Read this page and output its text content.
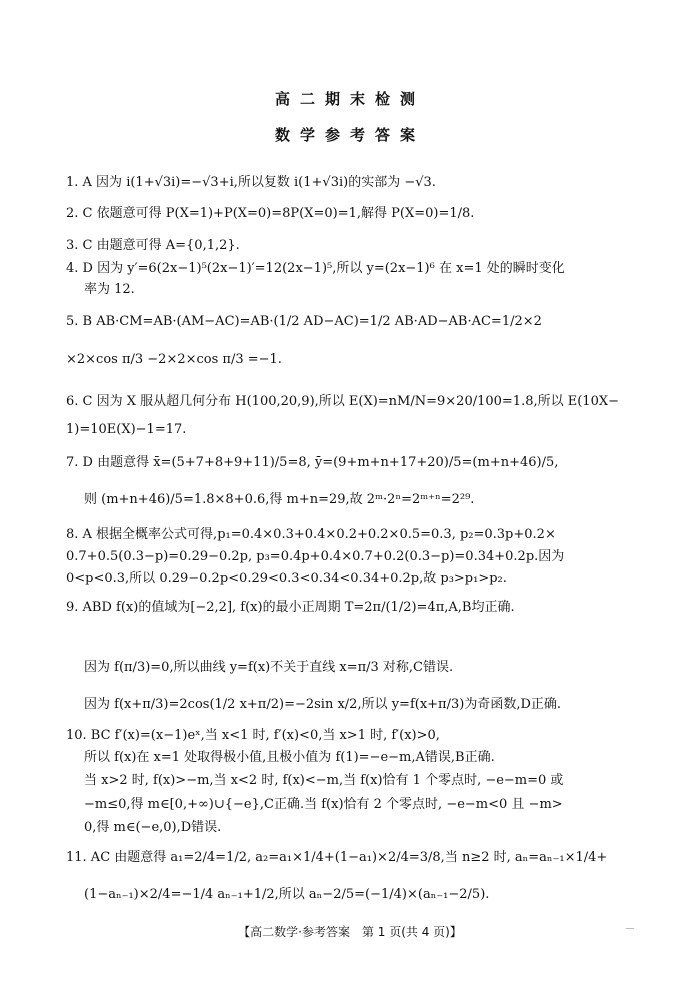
高二期末检测
数学参考答案
1. A 因为 i(1+√3i)=−√3+i,所以复数 i(1+√3i)的实部为 −√3.
2. C 依题意可得 P(X=1)+P(X=0)=8P(X=0)=1,解得 P(X=0)=1/8.
3. C 由题意可得 A={0,1,2}.
4. D 因为 y′=6(2x−1)⁵(2x−1)′=12(2x−1)⁵,所以 y=(2x−1)⁶ 在 x=1 处的瞬时变化
率为 12.
5. B AB·CM=AB·(AM−AC)=AB·(1/2 AD−AC)=1/2 AB·AD−AB·AC=1/2×2
×2×cos π/3 −2×2×cos π/3 =−1.
6. C 因为 X 服从超几何分布 H(100,20,9),所以 E(X)=nM/N=9×20/100=1.8,所以 E(10X−
1)=10E(X)−1=17.
7. D 由题意得 x̄=(5+7+8+9+11)/5=8, ȳ=(9+m+n+17+20)/5=(m+n+46)/5,
则 (m+n+46)/5=1.8×8+0.6,得 m+n=29,故 2ᵐ·2ⁿ=2ᵐ⁺ⁿ=2²⁹.
8. A 根据全概率公式可得,p₁=0.4×0.3+0.4×0.2+0.2×0.5=0.3, p₂=0.3p+0.2×
0.7+0.5(0.3−p)=0.29−0.2p, p₃=0.4p+0.4×0.7+0.2(0.3−p)=0.34+0.2p.因为
0<p<0.3,所以 0.29−0.2p<0.29<0.3<0.34<0.34+0.2p,故 p₃>p₁>p₂.
9. ABD f(x)的值域为[−2,2], f(x)的最小正周期 T=2π/(1/2)=4π,A,B均正确.
因为 f(π/3)=0,所以曲线 y=f(x)不关于直线 x=π/3 对称,C错误.
因为 f(x+π/3)=2cos(1/2 x+π/2)=−2sin x/2,所以 y=f(x+π/3)为奇函数,D正确.
10. BC f′(x)=(x−1)eˣ,当 x<1 时, f′(x)<0,当 x>1 时, f′(x)>0,
所以 f(x)在 x=1 处取得极小值,且极小值为 f(1)=−e−m,A错误,B正确.
当 x>2 时, f(x)>−m,当 x<2 时, f(x)<−m,当 f(x)恰有 1 个零点时, −e−m=0 或
−m≤0,得 m∈[0,+∞)∪{−e},C正确.当 f(x)恰有 2 个零点时, −e−m<0 且 −m>
0,得 m∈(−e,0),D错误.
11. AC 由题意得 a₁=2/4=1/2, a₂=a₁×1/4+(1−a₁)×2/4=3/8,当 n≥2 时, aₙ=aₙ₋₁×1/4+
(1−aₙ₋₁)×2/4=−1/4 aₙ₋₁+1/2,所以 aₙ−2/5=(−1/4)×(aₙ₋₁−2/5).
【高二数学·参考答案　第 1 页(共 4 页)】
